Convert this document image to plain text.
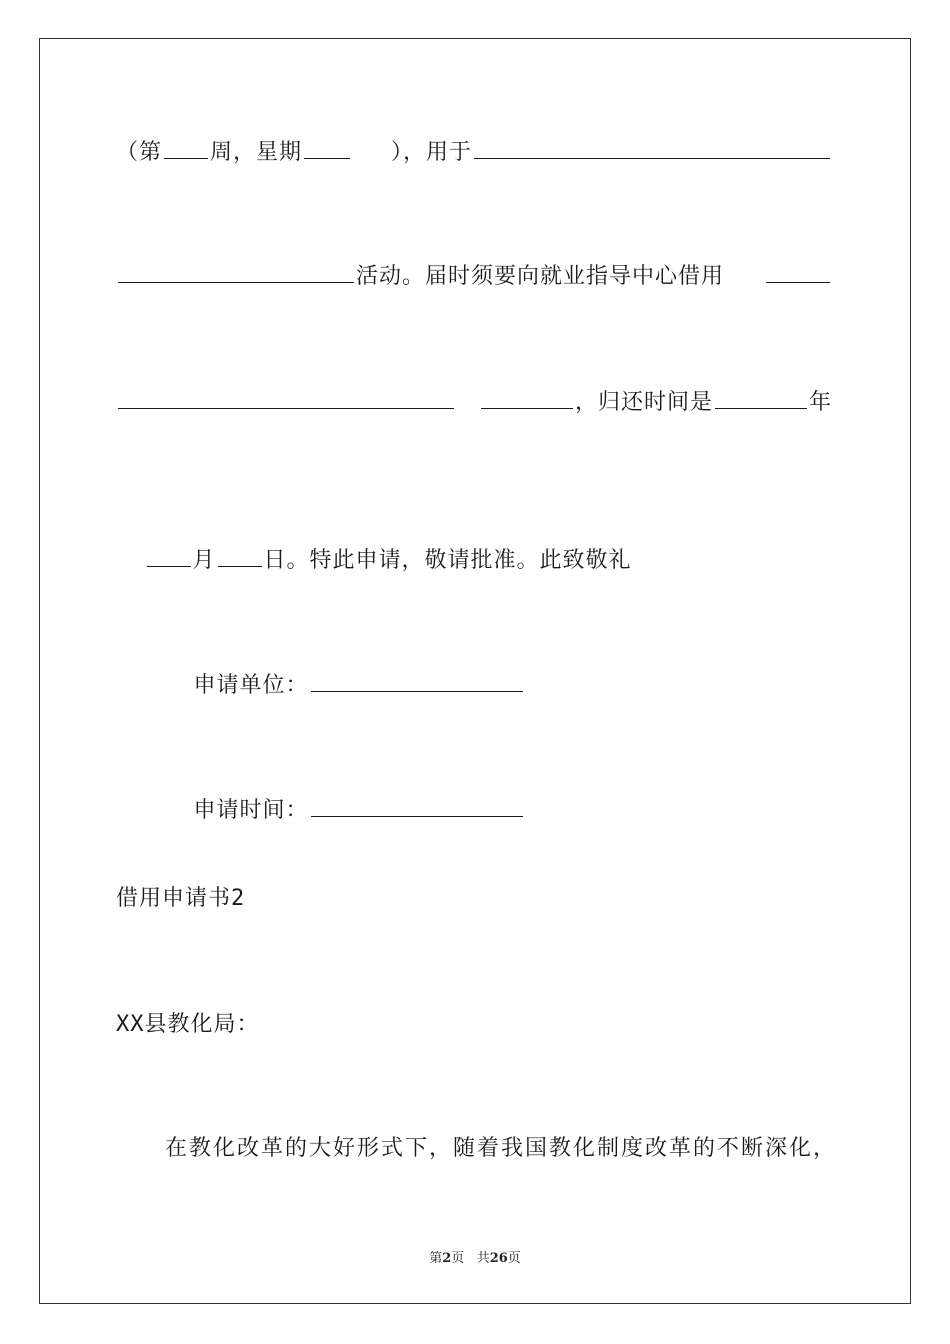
（第 周，星期	），用于
活动。届时须要向就业指导中心借用
，归还时间是	年

月 日。特此申请，敬请批准。此致敬礼

申请单位：

申请时间：

借用申请书2
XX县教化局：
在教化改革的大好形式下，随着我国教化制度改革的不断深化，
第2页 共26页
